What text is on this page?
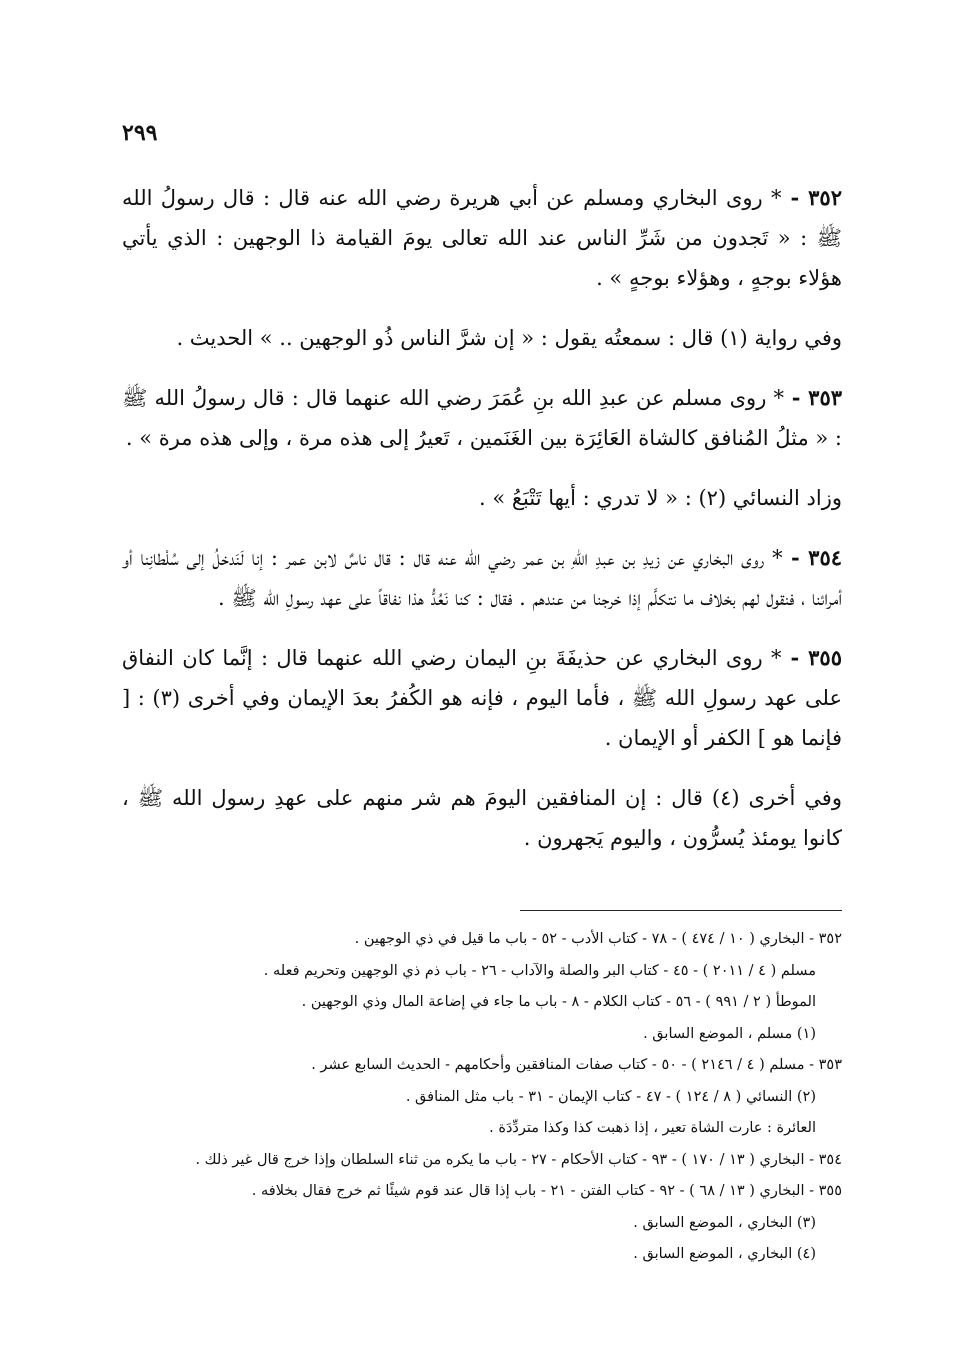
٢٩٩

٣٥٢ - * روى البخاري ومسلم عن أبي هريرة رضي الله عنه قال : قال رسولُ الله ﷺ : « تَجدون من شَرِّ الناس عند الله تعالى يومَ القيامة ذا الوجهين : الذي يأتي هؤلاء بوجهٍ ، وهؤلاء بوجهٍ » .

وفي رواية (١) قال : سمعتُه يقول : « إن شرَّ الناس ذُو الوجهين .. » الحديث .

٣٥٣ - * روى مسلم عن عبدِ الله بنِ عُمَرَ رضي الله عنهما قال : قال رسولُ الله ﷺ : « مثلُ المُنافق كالشاة العَائِرَة بين الغَنَمين ، تَعيرُ إلى هذه مرة ، وإلى هذه مرة » .

وزاد النسائي (٢) : « لا تدري : أيها تَتْبَعُ » .

٣٥٤ - * روى البخاري عن زيدِ بن عبدِ اللهِ بن عمر رضي الله عنه قال : قال ناسٌ لابن عمر : إنا لَنَدخلُ إلى سُلْطانِنا أو أمرائنا ، فنقول لهم بخلاف ما نتكلَّم إذا خرجنا من عندهم . فقال : كنا نَعُدُّ هذا نفاقاً على عهد رسولِ الله ﷺ .

٣٥٥ - * روى البخاري عن حذيفَةَ بنِ اليمان رضي الله عنهما قال : إنَّما كان النفاق على عهد رسولِ الله ﷺ ، فأما اليوم ، فإنه هو الكُفرُ بعدَ الإيمان وفي أخرى (٣) : [ فإنما هو ] الكفر أو الإيمان .

وفي أخرى (٤) قال : إن المنافقين اليومَ هم شر منهم على عهدِ رسول الله ﷺ ، كانوا يومئذ يُسرُّون ، واليوم يَجهرون .

٣٥٢ - البخاري ( ١٠ / ٤٧٤ ) - ٧٨ - كتاب الأدب - ٥٢ - باب ما قيل في ذي الوجهين .
مسلم ( ٤ / ٢٠١١ ) - ٤٥ - كتاب البر والصلة والآداب - ٢٦ - باب ذم ذي الوجهين وتحريم فعله .
الموطأ ( ٢ / ٩٩١ ) - ٥٦ - كتاب الكلام - ٨ - باب ما جاء في إضاعة المال وذي الوجهين .
(١) مسلم ، الموضع السابق .
٣٥٣ - مسلم ( ٤ / ٢١٤٦ ) - ٥٠ - كتاب صفات المنافقين وأحكامهم - الحديث السابع عشر .
(٢) النسائي ( ٨ / ١٢٤ ) - ٤٧ - كتاب الإيمان - ٣١ - باب مثل المنافق .
العائرة : عارت الشاة تعير ، إذا ذهبت كذا وكذا متردِّدَة .
٣٥٤ - البخاري ( ١٣ / ١٧٠ ) - ٩٣ - كتاب الأحكام - ٢٧ - باب ما يكره من ثناء السلطان وإذا خرج قال غير ذلك .
٣٥٥ - البخاري ( ١٣ / ٦٨ ) - ٩٢ - كتاب الفتن - ٢١ - باب إذا قال عند قوم شيئًا ثم خرج فقال بخلافه .
(٣) البخاري ، الموضع السابق .
(٤) البخاري ، الموضع السابق .
